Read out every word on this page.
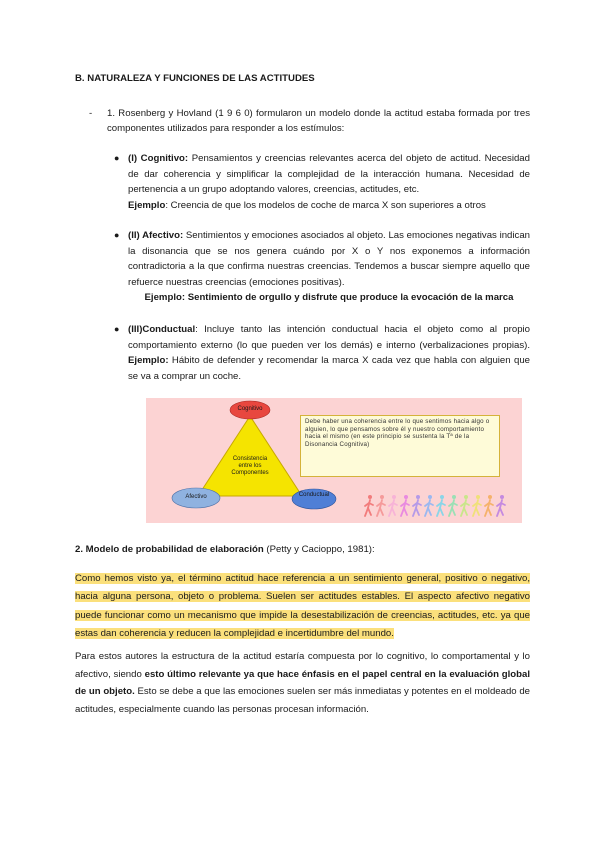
B. NATURALEZA Y FUNCIONES DE LAS ACTITUDES

- 1. Rosenberg y Hovland (1 9 6 0) formularon un modelo donde la actitud estaba formada por tres componentes utilizados para responder a los estímulos:
● (I) Cognitivo: Pensamientos y creencias relevantes acerca del objeto de actitud. Necesidad de dar coherencia y simplificar la complejidad de la interacción humana. Necesidad de pertenencia a un grupo adoptando valores, creencias, actitudes, etc.
Ejemplo: Creencia de que los modelos de coche de marca X son superiores a otros
● (II) Afectivo: Sentimientos y emociones asociados al objeto. Las emociones negativas indican la disonancia que se nos genera cuándo por X o Y nos exponemos a información contradictoria a la que confirma nuestras creencias. Tendemos a buscar siempre aquello que refuerce nuestras creencias (emociones positivas).
Ejemplo: Sentimiento de orgullo y disfrute que produce la evocación de la marca
● (III)Conductual: Incluye tanto las intención conductual hacia el objeto como al propio comportamiento externo (lo que pueden ver los demás) e interno (verbalizaciones propias). Ejemplo: Hábito de defender y recomendar la marca X cada vez que habla con alguien que se va a comprar un coche.
Cognitivo
Afectivo	Conductual
Consistencia entre los Componentes
Debe haber una coherencia entre lo que sentimos hacia algo o alguien, lo que pensamos sobre él y nuestro comportamiento hacia el mismo (en este principio se sustenta la Tª de la Disonancia Cognitiva)

2. Modelo de probabilidad de elaboración (Petty y Cacioppo, 1981):

Como hemos visto ya, el término actitud hace referencia a un sentimiento general, positivo o negativo, hacia alguna persona, objeto o problema. Suelen ser actitudes estables. El aspecto afectivo negativo puede funcionar como un mecanismo que impide la desestabilización de creencias, actitudes, etc. ya que estas dan coherencia y reducen la complejidad e incertidumbre del mundo.
Para estos autores la estructura de la actitud estaría compuesta por lo cognitivo, lo comportamental y lo afectivo, siendo esto último relevante ya que hace énfasis en el papel central en la evaluación global de un objeto. Esto se debe a que las emociones suelen ser más inmediatas y potentes en el moldeado de actitudes, especialmente cuando las personas procesan información.
